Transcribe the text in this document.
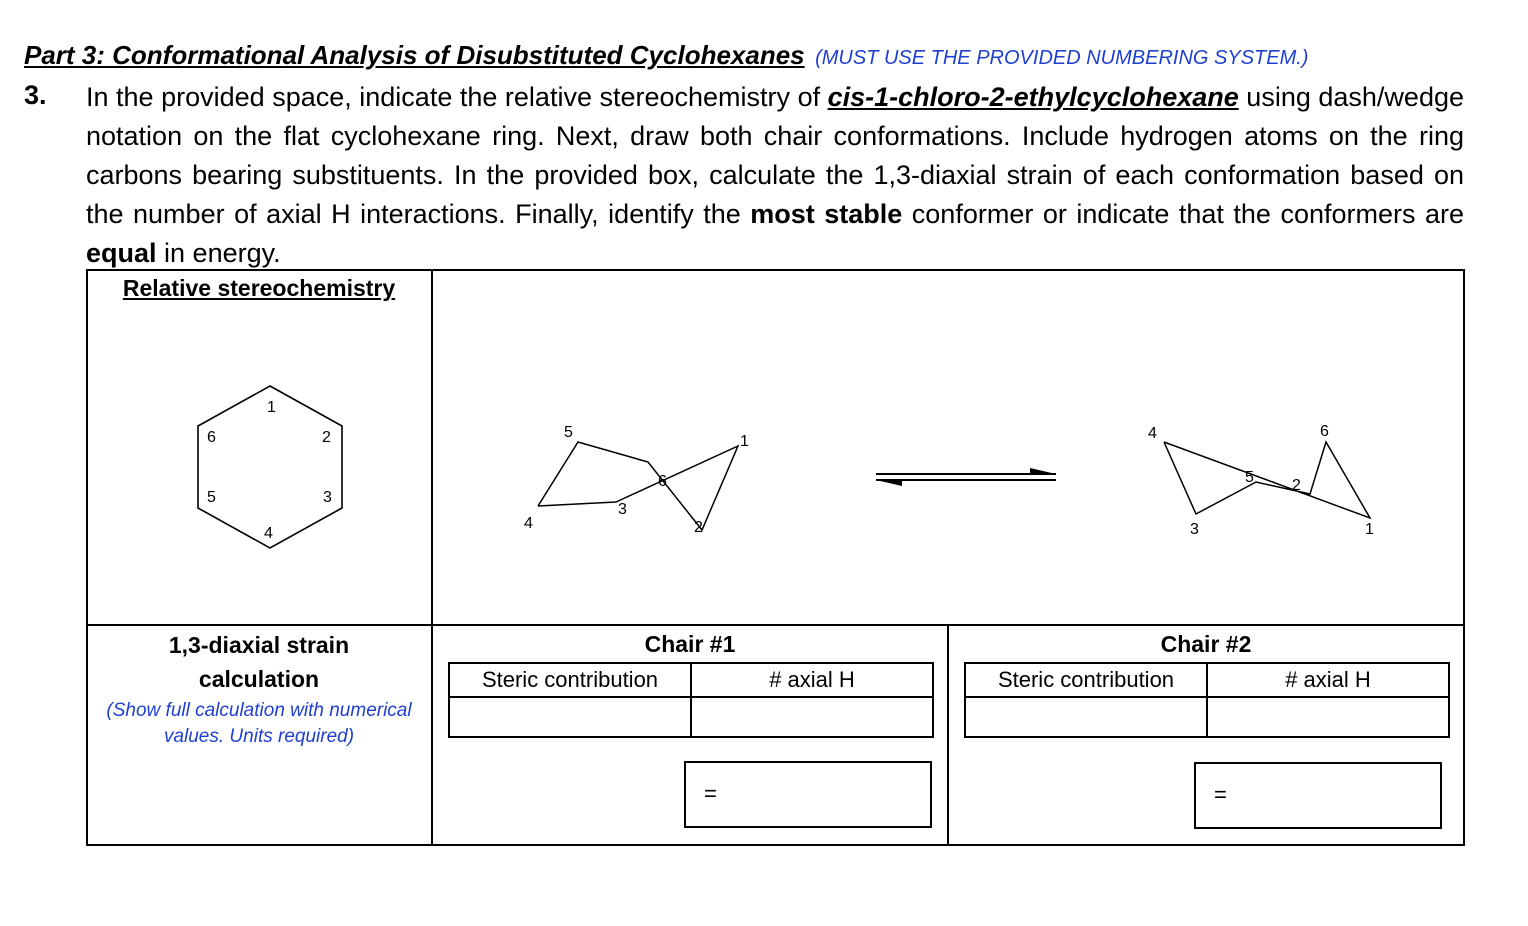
Part 3: Conformational Analysis of Disubstituted Cyclohexanes (MUST USE THE PROVIDED NUMBERING SYSTEM.)
3. In the provided space, indicate the relative stereochemistry of cis-1-chloro-2-ethylcyclohexane using dash/wedge notation on the flat cyclohexane ring. Next, draw both chair conformations. Include hydrogen atoms on the ring carbons bearing substituents. In the provided box, calculate the 1,3-diaxial strain of each conformation based on the number of axial H interactions. Finally, identify the most stable conformer or indicate that the conformers are equal in energy.
Relative stereochemistry
1
2
3
4
5
6	1
2
3
4
5
6
1
2
3
4
5
6
1,3-diaxial strain
calculation
(Show full calculation with numerical
values. Units required)
Chair #1
Steric contribution	# axial H

=
Chair #2
Steric contribution	# axial H

=
